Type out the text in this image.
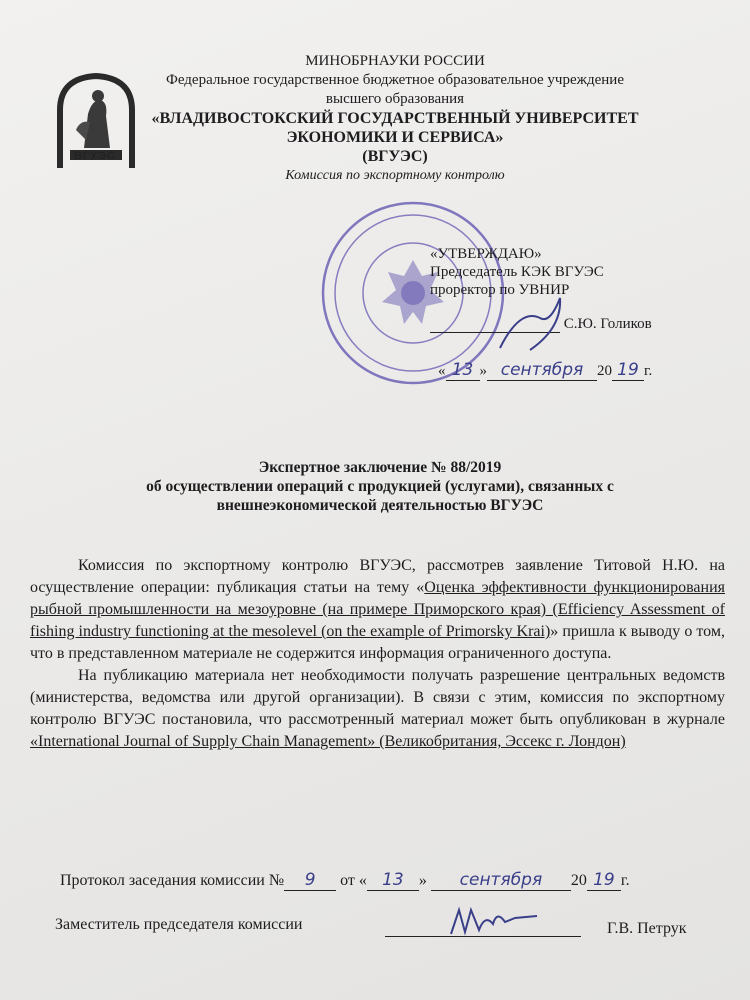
ВГУЭС
МИНОБРНАУКИ РОССИИ
Федеральное государственное бюджетное образовательное учреждение
высшего образования
«ВЛАДИВОСТОКСКИЙ ГОСУДАРСТВЕННЫЙ УНИВЕРСИТЕТ
ЭКОНОМИКИ И СЕРВИСА»
(ВГУЭС)
Комиссия по экспортному контролю
«УТВЕРЖДАЮ»
Председатель КЭК ВГУЭС
проректор по УВНИР
С.Ю. Голиков
« 13 » сентября 20 19 г.
Экспертное заключение № 88/2019
об осуществлении операций с продукцией (услугами), связанных с
внешнеэкономической деятельностью ВГУЭС

Комиссия по экспортному контролю ВГУЭС, рассмотрев заявление Титовой Н.Ю. на осуществление операции: публикация статьи на тему «Оценка эффективности функционирования рыбной промышленности на мезоуровне (на примере Приморского края) (Efficiency Assessment of fishing industry functioning at the mesolevel (on the example of Primorsky Krai)» пришла к выводу о том, что в представленном материале не содержится информация ограниченного доступа.

На публикацию материала нет необходимости получать разрешение центральных ведомств (министерства, ведомства или другой организации). В связи с этим, комиссия по экспортному контролю ВГУЭС постановила, что рассмотренный материал может быть опубликован в журнале «International Journal of Supply Chain Management» (Великобритания, Эссекс г. Лондон)

Протокол заседания комиссии № 9 от « 13 » сентября 20 19 г.
Заместитель председателя комиссии	Г.В. Петрук
